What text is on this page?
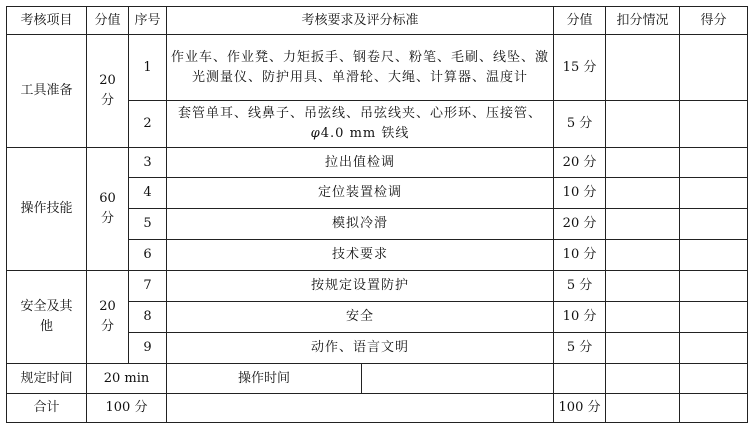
考核项目	分值	序号	考核要求及评分标准		分值	扣分情况	得分
工具准备	20 分	1	作业车、作业凳、力矩扳手、钢卷尺、粉笔、毛刷、线坠、激光测量仪、防护用具、单滑轮、大绳、计算器、温度计		15 分		
		2	套管单耳、线鼻子、吊弦线、吊弦线夹、心形环、压接管、φ4.0 mm 铁线		5 分		
操作技能	60 分	3	拉出值检调		20 分		
		4	定位装置检调		10 分		
		5	模拟冷滑		20 分		
		6	技术要求		10 分		
安全及其他	20 分	7	按规定设置防护		5 分		
		8	安全		10 分		
		9	动作、语言文明		5 分		
规定时间	20 min		操作时间				
合计	100 分				100 分		
